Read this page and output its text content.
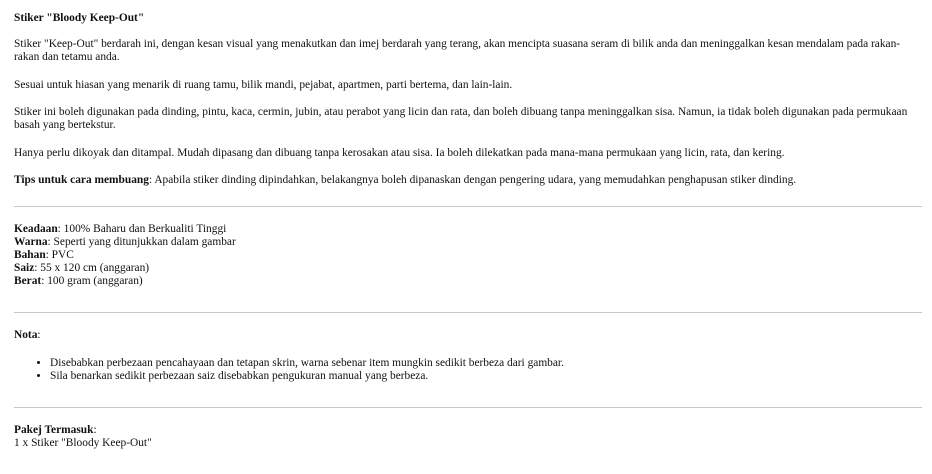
Stiker "Bloody Keep-Out"

Stiker "Keep-Out" berdarah ini, dengan kesan visual yang menakutkan dan imej berdarah yang terang, akan mencipta suasana seram di bilik anda dan meninggalkan kesan mendalam pada rakan-rakan dan tetamu anda.

Sesuai untuk hiasan yang menarik di ruang tamu, bilik mandi, pejabat, apartmen, parti bertema, dan lain-lain.

Stiker ini boleh digunakan pada dinding, pintu, kaca, cermin, jubin, atau perabot yang licin dan rata, dan boleh dibuang tanpa meninggalkan sisa. Namun, ia tidak boleh digunakan pada permukaan basah yang bertekstur.

Hanya perlu dikoyak dan ditampal. Mudah dipasang dan dibuang tanpa kerosakan atau sisa. Ia boleh dilekatkan pada mana-mana permukaan yang licin, rata, dan kering.

Tips untuk cara membuang: Apabila stiker dinding dipindahkan, belakangnya boleh dipanaskan dengan pengering udara, yang memudahkan penghapusan stiker dinding.

Keadaan: 100% Baharu dan Berkualiti Tinggi
Warna: Seperti yang ditunjukkan dalam gambar
Bahan: PVC
Saiz: 55 x 120 cm (anggaran)
Berat: 100 gram (anggaran)
Nota:
• Disebabkan perbezaan pencahayaan dan tetapan skrin, warna sebenar item mungkin sedikit berbeza dari gambar.
• Sila benarkan sedikit perbezaan saiz disebabkan pengukuran manual yang berbeza.
Pakej Termasuk:
1 x Stiker "Bloody Keep-Out"
